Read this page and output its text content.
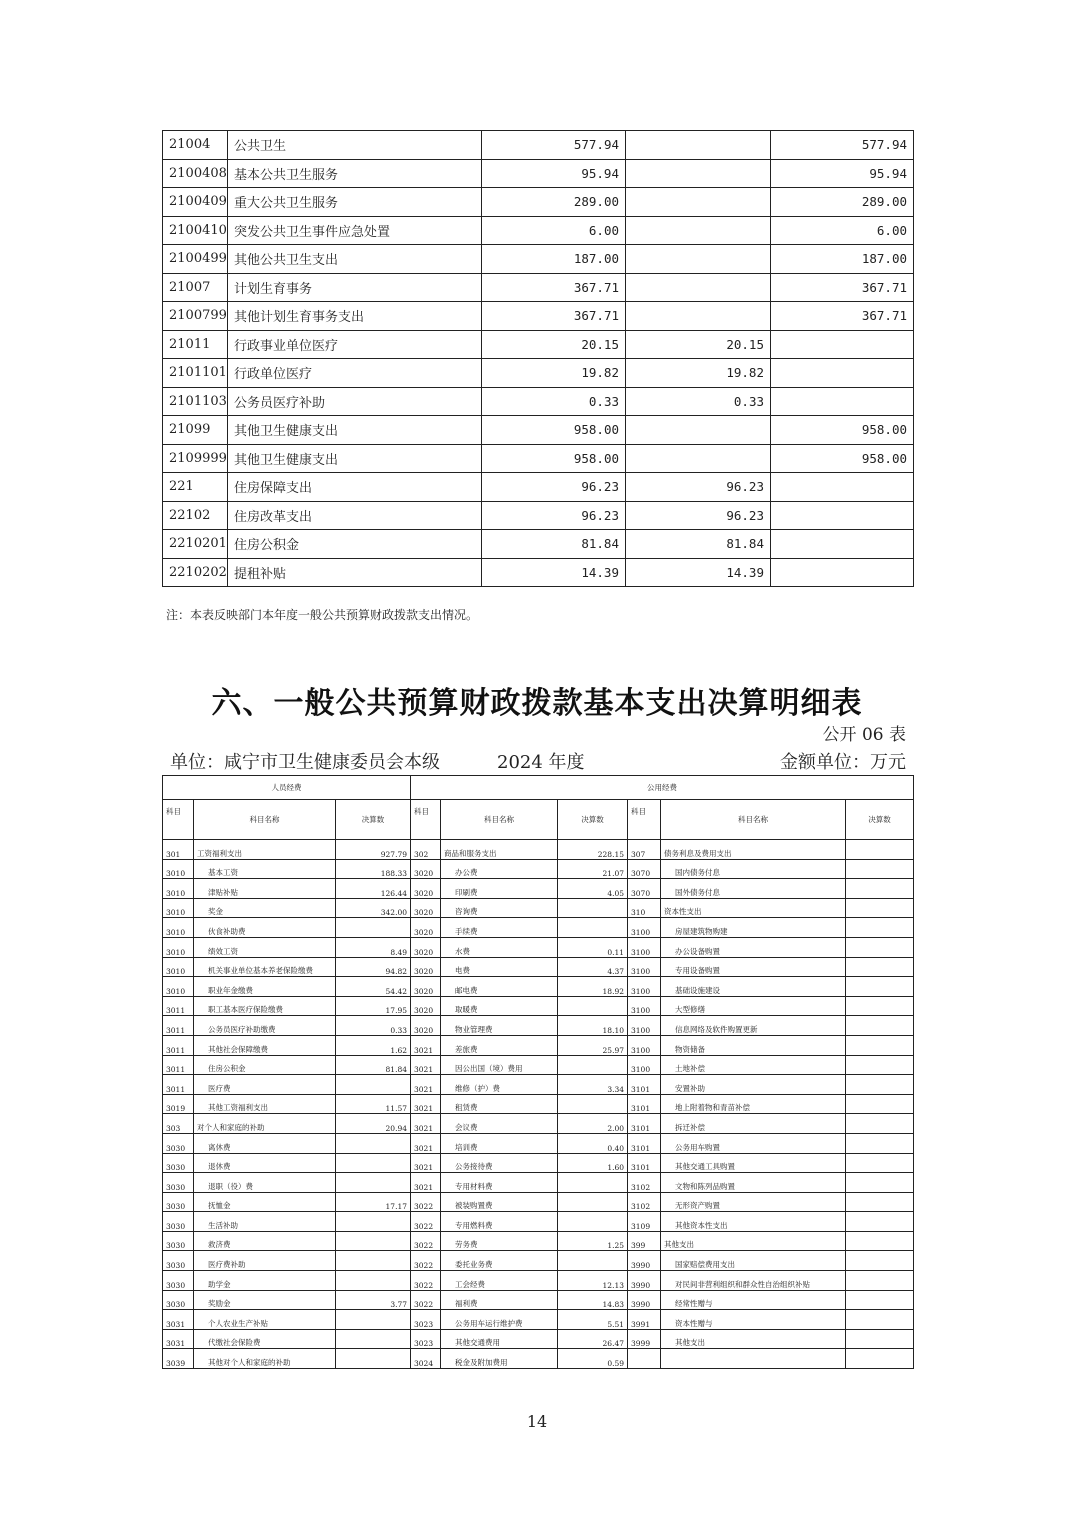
21004	公共卫生	577.94		577.94
2100408	基本公共卫生服务	95.94		95.94
2100409	重大公共卫生服务	289.00		289.00
2100410	突发公共卫生事件应急处置	6.00		6.00
2100499	其他公共卫生支出	187.00		187.00
21007	计划生育事务	367.71		367.71
2100799	其他计划生育事务支出	367.71		367.71
21011	行政事业单位医疗	20.15	20.15	
2101101	行政单位医疗	19.82	19.82	
2101103	公务员医疗补助	0.33	0.33	
21099	其他卫生健康支出	958.00		958.00
2109999	其他卫生健康支出	958.00		958.00
221	住房保障支出	96.23	96.23	
22102	住房改革支出	96.23	96.23	
2210201	住房公积金	81.84	81.84	
2210202	提租补贴	14.39	14.39	
注：本表反映部门本年度一般公共预算财政拨款支出情况。
六、一般公共预算财政拨款基本支出决算明细表
公开 06 表
单位：咸宁市卫生健康委员会本级	2024 年度	金额单位：万元
人员经费			公用经费					
科目	科目名称	决算数	科目	科目名称	决算数	科目	科目名称	决算数
301	工资福利支出	927.79	302	商品和服务支出	228.15	307	债务利息及费用支出	
3010	基本工资	188.33	3020	办公费	21.07	3070	国内债务付息	
3010	津贴补贴	126.44	3020	印刷费	4.05	3070	国外债务付息	
3010	奖金	342.00	3020	咨询费		310	资本性支出	
3010	伙食补助费		3020	手续费		3100	房屋建筑物购建	
3010	绩效工资	8.49	3020	水费	0.11	3100	办公设备购置	
3010	机关事业单位基本养老保险缴费	94.82	3020	电费	4.37	3100	专用设备购置	
3010	职业年金缴费	54.42	3020	邮电费	18.92	3100	基础设施建设	
3011	职工基本医疗保险缴费	17.95	3020	取暖费		3100	大型修缮	
3011	公务员医疗补助缴费	0.33	3020	物业管理费	18.10	3100	信息网络及软件购置更新	
3011	其他社会保障缴费	1.62	3021	差旅费	25.97	3100	物资储备	
3011	住房公积金	81.84	3021	因公出国（境）费用		3100	土地补偿	
3011	医疗费		3021	维修（护）费	3.34	3101	安置补助	
3019	其他工资福利支出	11.57	3021	租赁费		3101	地上附着物和青苗补偿	
303	对个人和家庭的补助	20.94	3021	会议费	2.00	3101	拆迁补偿	
3030	离休费		3021	培训费	0.40	3101	公务用车购置	
3030	退休费		3021	公务接待费	1.60	3101	其他交通工具购置	
3030	退职（役）费		3021	专用材料费		3102	文物和陈列品购置	
3030	抚恤金	17.17	3022	被装购置费		3102	无形资产购置	
3030	生活补助		3022	专用燃料费		3109	其他资本性支出	
3030	救济费		3022	劳务费	1.25	399	其他支出	
3030	医疗费补助		3022	委托业务费		3990	国家赔偿费用支出	
3030	助学金		3022	工会经费	12.13	3990	对民间非营利组织和群众性自治组织补贴	
3030	奖励金	3.77	3022	福利费	14.83	3990	经常性赠与	
3031	个人农业生产补贴		3023	公务用车运行维护费	5.51	3991	资本性赠与	
3031	代缴社会保险费		3023	其他交通费用	26.47	3999	其他支出	
3039	其他对个人和家庭的补助		3024	税金及附加费用	0.59			
14
